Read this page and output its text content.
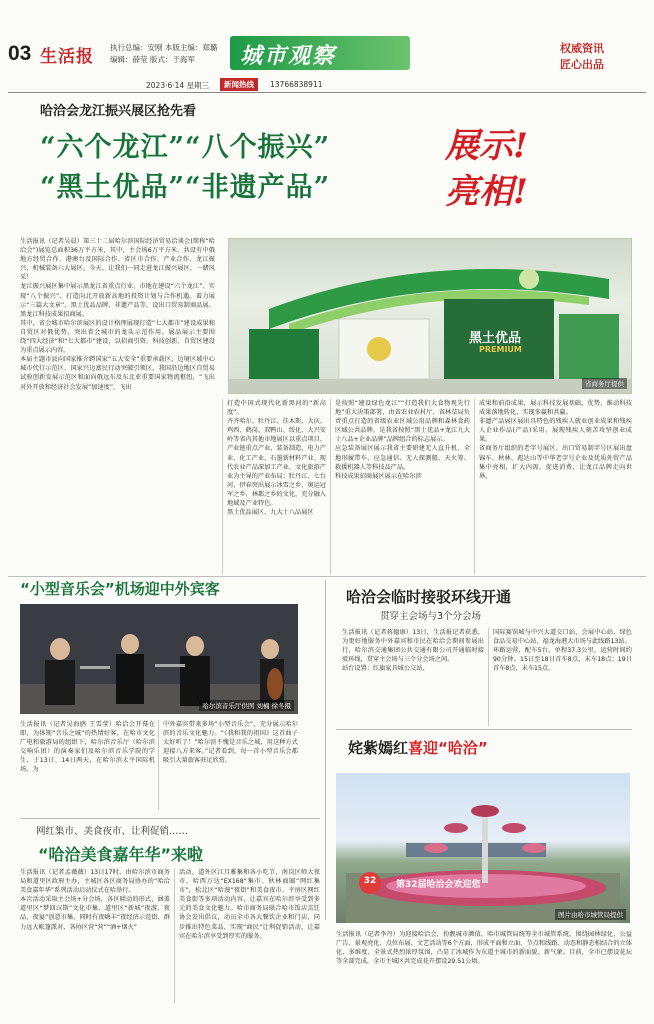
03 生活报 执行总编：安刚 本版主编：郑璐
编辑：薛莹 版式：于海军 城市观察	权威资讯
匠心出品
2023·6·14 星期三	新闻热线	13766838911
哈洽会龙江振兴展区抢先看
“六个龙江”“八个振兴”
“黑土优品”“非遗产品”
展示!
亮相!
黑土优品
PREMIUM
省商务厅提供

生活报讯（记者吴晨）第三十二届哈尔滨国际经济贸易洽谈会(简称“哈洽会”)展览总面积36万平方米，其中，主会场6万平方米，共设有中俄地方经贸合作、港澳台及国际合作、省区市合作、产业合作、龙江振兴、机械装备六大展区。今天，让我们一同走进龙江振兴展区，一睹风采！

龙江振兴展区集中展示黑龙江省重点行业、市地在建设“六个龙江”、实现“八个振兴”、打造向北开放新高地的投资计划与合作机遇。着力展示“三篇大文章”、黑土优品品牌、非遗产品等，设出口贸易制商品展、黑龙江科技成果招商展。

其中，省会城市哈尔滨展区的设计格理展现打造“七大都市”建设成果和自贸区对俄优势，突出省会城市的龙头示范作用。展品展示主要围绕“四大经济”和“七大都市”建设，以招商引资、科技创新、自贸区建设为重点展示内容。

本届主题市县向国家推介跨国家“五大安全”重要承载区、边境区域中心城市代行示范区、国家兴边富民行动突破引领区，我国沿边地区自贸易试验创新发展示范区和面向俄远东及东北亚重要国家物流枢纽，“飞出对外开放和经济社会发展”加速度”，飞出

打造中国式现代化新黑河的“新高度”。

齐齐哈尔、牡丹江、佳木斯、大庆、鸡西、鹤岗、双鸭山、绥化、大兴安岭等省内其他市地展区以重点项目、产业链重点产业、装备制造、电力产业、化工产业、石墨新材料产业、现代农业产品深加工产业、文化旅游产业为主导的产业布局；牡丹江、七台河、伊春突出展示冰雪之乡、奥运冠军之乡、林都之乡的文化，充分融入地域及产业特色。

黑土优品展区、九大十八品展区

是按照“建设绿色龙江”“打造我们大食物观先行地”重大决策部署，由省农业农村厅、省林草局负责重点打造的省级农业区域公用品牌和森林食药区域公共品牌，是我省按照“黑土优品+龙江九大十八品+企业品牌”品牌组合的标志展示。

应急装备展区展示我省主要研建无人直升机、全地形履带车、应急通信、无人探测船、天火筹、救援机器人等科技品产品。

科技成果招商展区展示在哈尔滨

成果和前沿成果，展示科技发展基础、优势，推动科技成果落地转化，实现多赢和共赢。

非遗产品展区展出具特色的残疾人就业创业成果和残疾人企业作品(产品)采用，展现残疾人刻苦攻坚创业成果。

省商务厅组织的老字号展区、出口贸易制字号区展出盘锦车、秋林、彪达山等中华老字号企业及优质外贸产品集中亮相，扩大内需，促进消费，让龙江品牌走向世界。

“小型音乐会”机场迎中外宾客
哈尔滨音乐厅供图 刘楠 徐冬摄
生活报讯（记者吴海鸥 王雪莹）哈洽会开幕在即，为体现“音乐之城”的热情好客，在哈市文化广电和旅游局的组织下，哈尔滨音乐厅（哈尔滨交响乐团）的演奏家们及哈尔滨音乐学院的学生，于13日、14日两天，在哈尔滨太平国际机场，为
中外嘉宾带来多场“小型音乐会”，充分展示哈尔滨的音乐文化魅力。“《我和我的祖国》这首曲子太好听了！”哈尔滨不愧是音乐之城，用这种方式迎接八方来客。”记者看到，每一首小型音乐会都吸引大量旅客驻足欣赏。
哈洽会临时接驳环线开通
贯穿主会场与3个分会场

生活报讯（记者蒋德康）13日，生活报记者获悉，为更好地服务中外嘉宾和市民在哈洽会期间参展出行，哈尔滨交通集团公共交通有限公司开通临时接驳环线，贯穿主会场与三个分会场之间。

站台设置：红旗家具城公交站、

国际赛馆城与中兴大道交口站、会展中心站、绿色食品交易中心站、福龙海港大市场与此线路13站。

环路运营，配车5台，单程37.3公里，运营时间约90分钟。15日至18日首车8点，末车18点；19日首车8点，末车15点。

姹紫嫣红喜迎“哈洽”
32	第32届哈洽会欢迎您
图片由哈市城管局提供
生活报讯（记者李丹）为迎接哈洽会，扮靓城市颜值，哈市城管局统筹全市城管系统，围绕园林绿化、公益广告、景观亮化、点位布展、文艺活动等6个方面，形成平面和立面、节点和线路、动态和静态相结合的立体化、多维度、全景式热烈浓厚氛围，凸显了冰城作为东道主城市的新面貌、新气象。目前，全市已摆设花坛等全部完成，全市主城区共完成花卉摆设29.51公顷。
网红集市、美食夜市、让利促销……
“哈洽美食嘉年华”来啦

生活报讯（记者孟薇薇）13日17时，由哈尔滨市商务局和道里区政府主办，主城区各区商务局协办的“哈洽美食嘉年华”系列活动启动仪式在哈举行。

本次活动采取主会场+分会场，各区联动的形式，涵盖道里区“梦回汉斯”文化市集、道里区“新城”夜游、夜品、夜宴”创意市集，同时有夜嗨丰“夜经济示范街、群力远大帐篷派对，各协区营“营”“酒+烟火”

活动，道外区江月雅集和各小吃节，南岗区师大夜市、哈西万达“EX168”集市、秋林商圈”网红集市”，松北区“哈漫”夜街”和美食夜市、平房区网红美食街等多项活动内容，让嘉宾在哈尔滨享受到多元的美食文化魅力。哈市商务局联合哈市饭店烹饪协会发出倡议，动员全市各大餐饮企业和门店，同步推出特色菜品，实现“商民”让利促销活动，让嘉宾在哈尔滨享受到厚实的服务。
